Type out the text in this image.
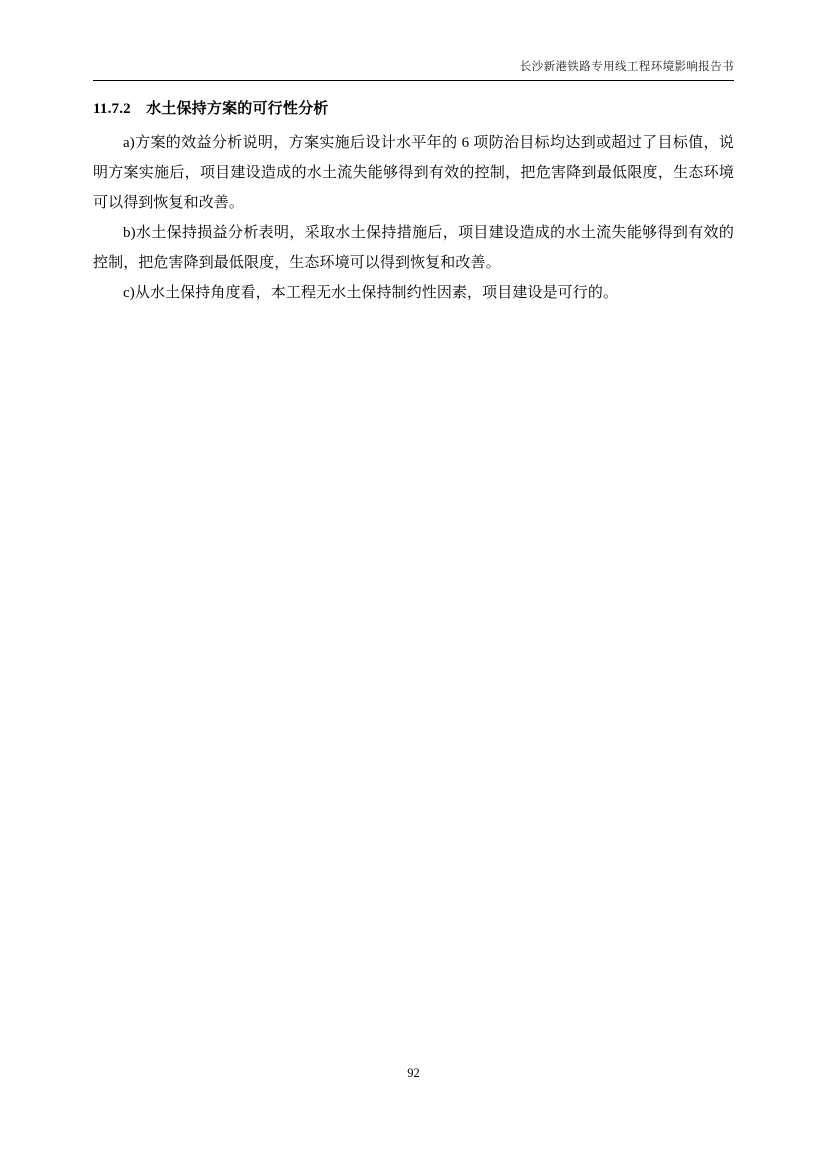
长沙新港铁路专用线工程环境影响报告书
11.7.2　 水土保持方案的可行性分析

a)方案的效益分析说明，方案实施后设计水平年的 6 项防治目标均达到或超过了目标值，说明方案实施后，项目建设造成的水土流失能够得到有效的控制，把危害降到最低限度，生态环境可以得到恢复和改善。

b)水土保持损益分析表明，采取水土保持措施后，项目建设造成的水土流失能够得到有效的控制，把危害降到最低限度，生态环境可以得到恢复和改善。

c)从水土保持角度看，本工程无水土保持制约性因素，项目建设是可行的。

92
